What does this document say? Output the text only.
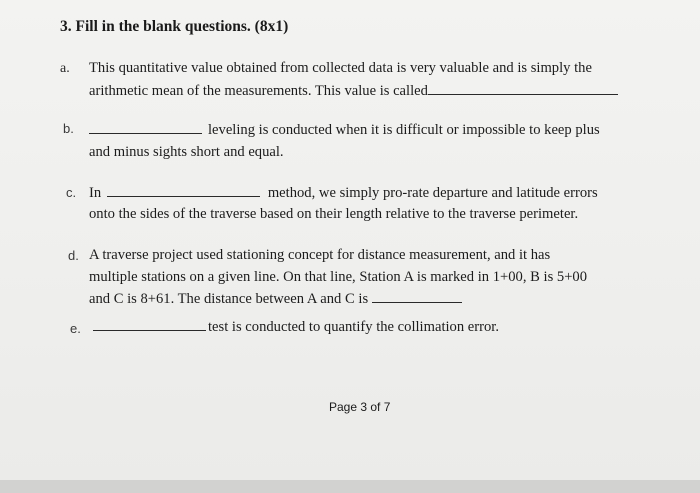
3. Fill in the blank questions. (8x1)
a. This quantitative value obtained from collected data is very valuable and is simply the
arithmetic mean of the measurements. This value is called
b.	leveling is conducted when it is difficult or impossible to keep plus
and minus sights short and equal.
c. In	method, we simply pro-rate departure and latitude errors
onto the sides of the traverse based on their length relative to the traverse perimeter.
d. A traverse project used stationing concept for distance measurement, and it has
multiple stations on a given line. On that line, Station A is marked in 1+00, B is 5+00
and C is 8+61. The distance between A and C is
e.	test is conducted to quantify the collimation error.
Page 3 of 7
